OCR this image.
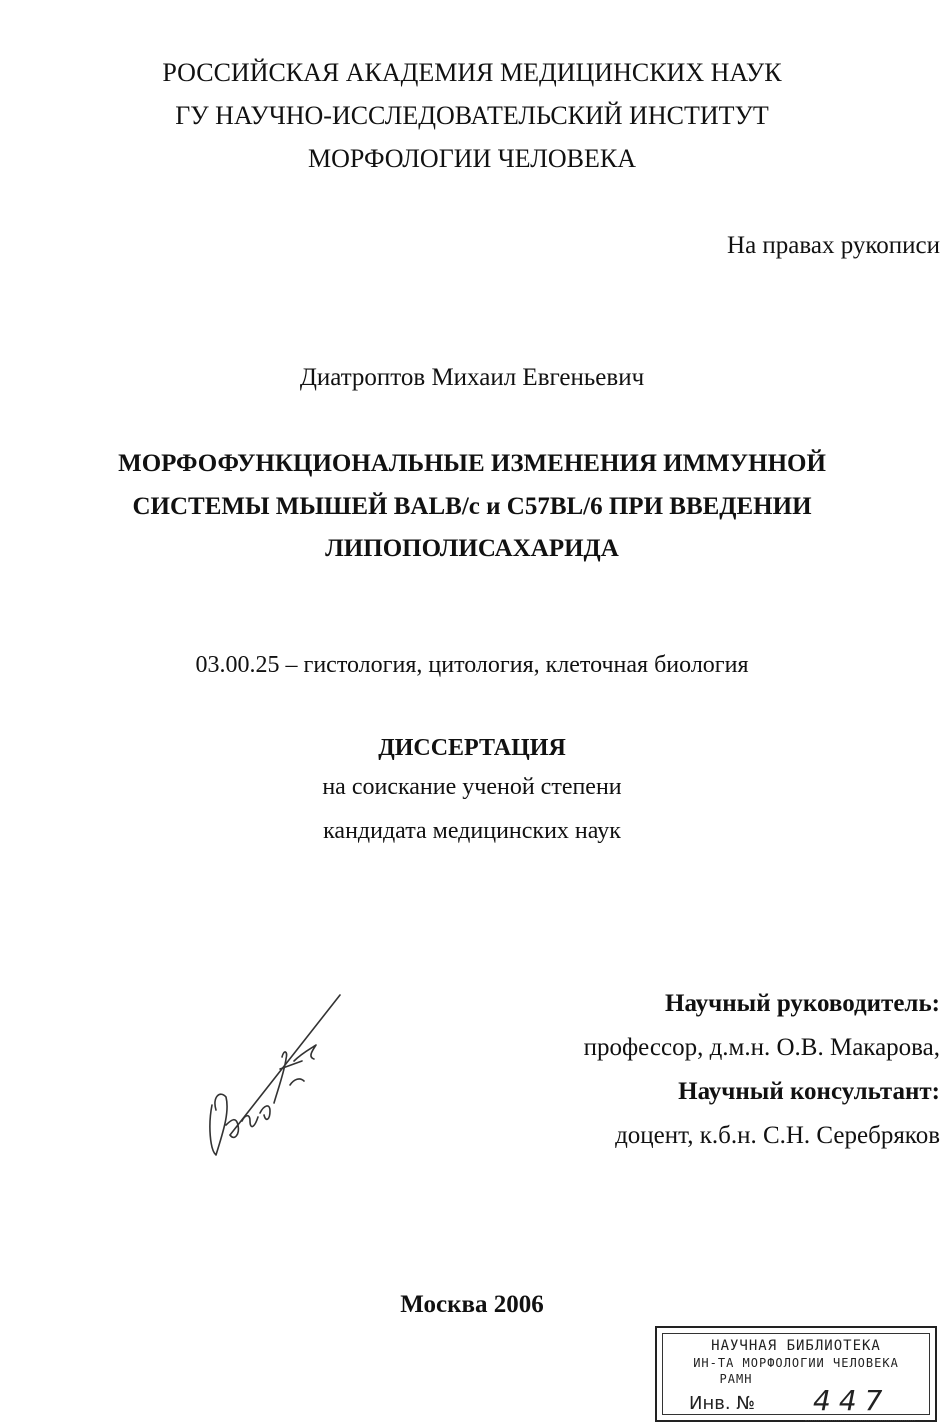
РОССИЙСКАЯ АКАДЕМИЯ МЕДИЦИНСКИХ НАУК
ГУ НАУЧНО-ИССЛЕДОВАТЕЛЬСКИЙ ИНСТИТУТ
МОРФОЛОГИИ ЧЕЛОВЕКА
На правах рукописи
Диатроптов Михаил Евгеньевич
МОРФОФУНКЦИОНАЛЬНЫЕ ИЗМЕНЕНИЯ ИММУННОЙ
СИСТЕМЫ МЫШЕЙ BALB/c и C57BL/6 ПРИ ВВЕДЕНИИ
ЛИПОПОЛИСАХАРИДА
03.00.25 – гистология, цитология, клеточная биология
ДИССЕРТАЦИЯ
на соискание ученой степени
кандидата медицинских наук
Научный руководитель:
профессор, д.м.н. О.В. Макарова,
Научный консультант:
доцент, к.б.н. С.Н. Серебряков
Москва 2006
НАУЧНАЯ БИБЛИОТЕКА
ИН-ТА МОРФОЛОГИИ ЧЕЛОВЕКА
РАМН
Инв. № 447
